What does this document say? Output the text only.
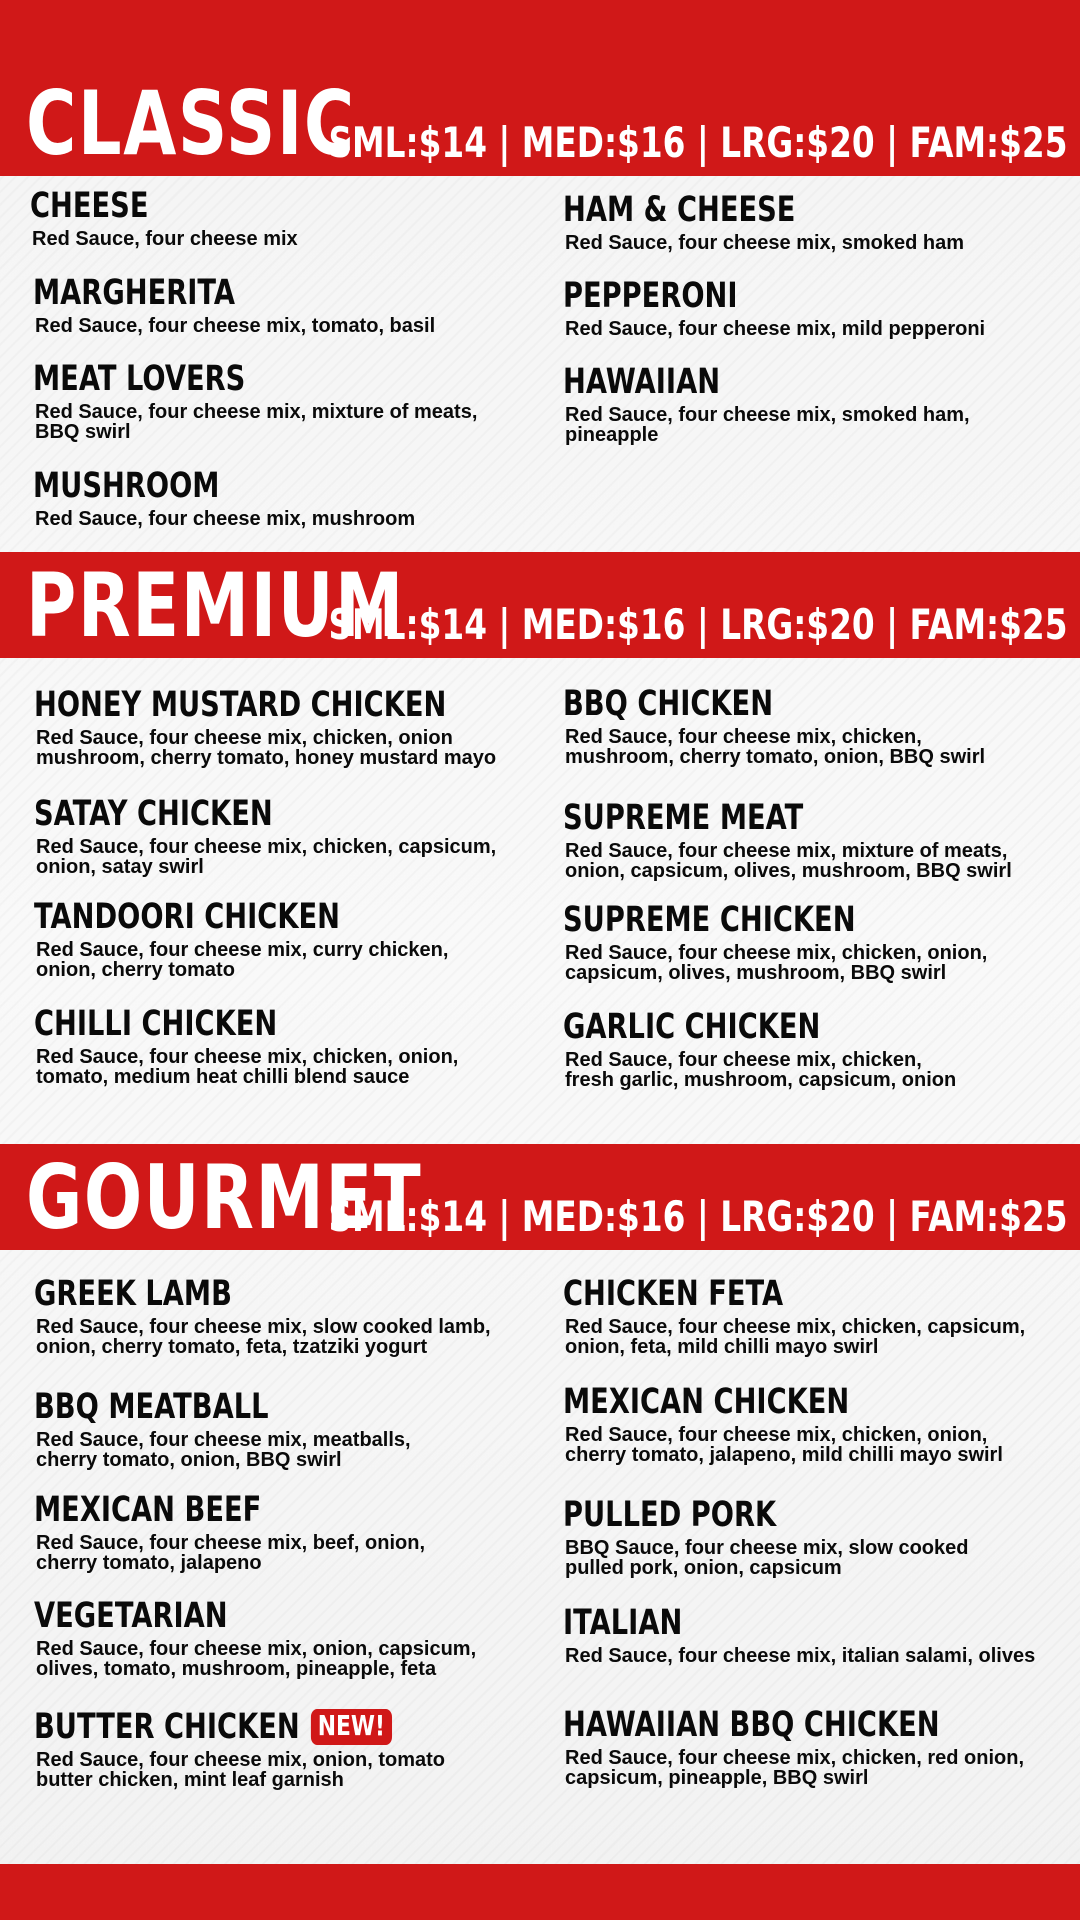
CLASSIC
SML:$14 | MED:$16 | LRG:$20 | FAM:$25
CHEESE
Red Sauce, four cheese mix
HAM & CHEESE
Red Sauce, four cheese mix, smoked ham
MARGHERITA
Red Sauce, four cheese mix, tomato, basil
PEPPERONI
Red Sauce, four cheese mix, mild pepperoni
MEAT LOVERS
Red Sauce, four cheese mix, mixture of meats,
BBQ swirl
HAWAIIAN
Red Sauce, four cheese mix, smoked ham,
pineapple
MUSHROOM
Red Sauce, four cheese mix, mushroom
PREMIUM
SML:$14 | MED:$16 | LRG:$20 | FAM:$25
HONEY MUSTARD CHICKEN
Red Sauce, four cheese mix, chicken, onion
mushroom, cherry tomato, honey mustard mayo
BBQ CHICKEN
Red Sauce, four cheese mix, chicken,
mushroom, cherry tomato, onion, BBQ swirl
SATAY CHICKEN
Red Sauce, four cheese mix, chicken, capsicum,
onion, satay swirl
SUPREME MEAT
Red Sauce, four cheese mix, mixture of meats,
onion, capsicum, olives, mushroom, BBQ swirl
TANDOORI CHICKEN
Red Sauce, four cheese mix, curry chicken,
onion, cherry tomato
SUPREME CHICKEN
Red Sauce, four cheese mix, chicken, onion,
capsicum, olives, mushroom, BBQ swirl
CHILLI CHICKEN
Red Sauce, four cheese mix, chicken, onion,
tomato, medium heat chilli blend sauce
GARLIC CHICKEN
Red Sauce, four cheese mix, chicken,
fresh garlic, mushroom, capsicum, onion
GOURMET
SML:$14 | MED:$16 | LRG:$20 | FAM:$25
GREEK LAMB
Red Sauce, four cheese mix, slow cooked lamb,
onion, cherry tomato, feta, tzatziki yogurt
CHICKEN FETA
Red Sauce, four cheese mix, chicken, capsicum,
onion, feta, mild chilli mayo swirl
BBQ MEATBALL
Red Sauce, four cheese mix, meatballs,
cherry tomato, onion, BBQ swirl
MEXICAN CHICKEN
Red Sauce, four cheese mix, chicken, onion,
cherry tomato, jalapeno, mild chilli mayo swirl
MEXICAN BEEF
Red Sauce, four cheese mix, beef, onion,
cherry tomato, jalapeno
PULLED PORK
BBQ Sauce, four cheese mix, slow cooked
pulled pork, onion, capsicum
VEGETARIAN
Red Sauce, four cheese mix, onion, capsicum,
olives, tomato, mushroom, pineapple, feta
ITALIAN
Red Sauce, four cheese mix, italian salami, olives
BUTTER CHICKEN NEW!
Red Sauce, four cheese mix, onion, tomato
butter chicken, mint leaf garnish
HAWAIIAN BBQ CHICKEN
Red Sauce, four cheese mix, chicken, red onion,
capsicum, pineapple, BBQ swirl
